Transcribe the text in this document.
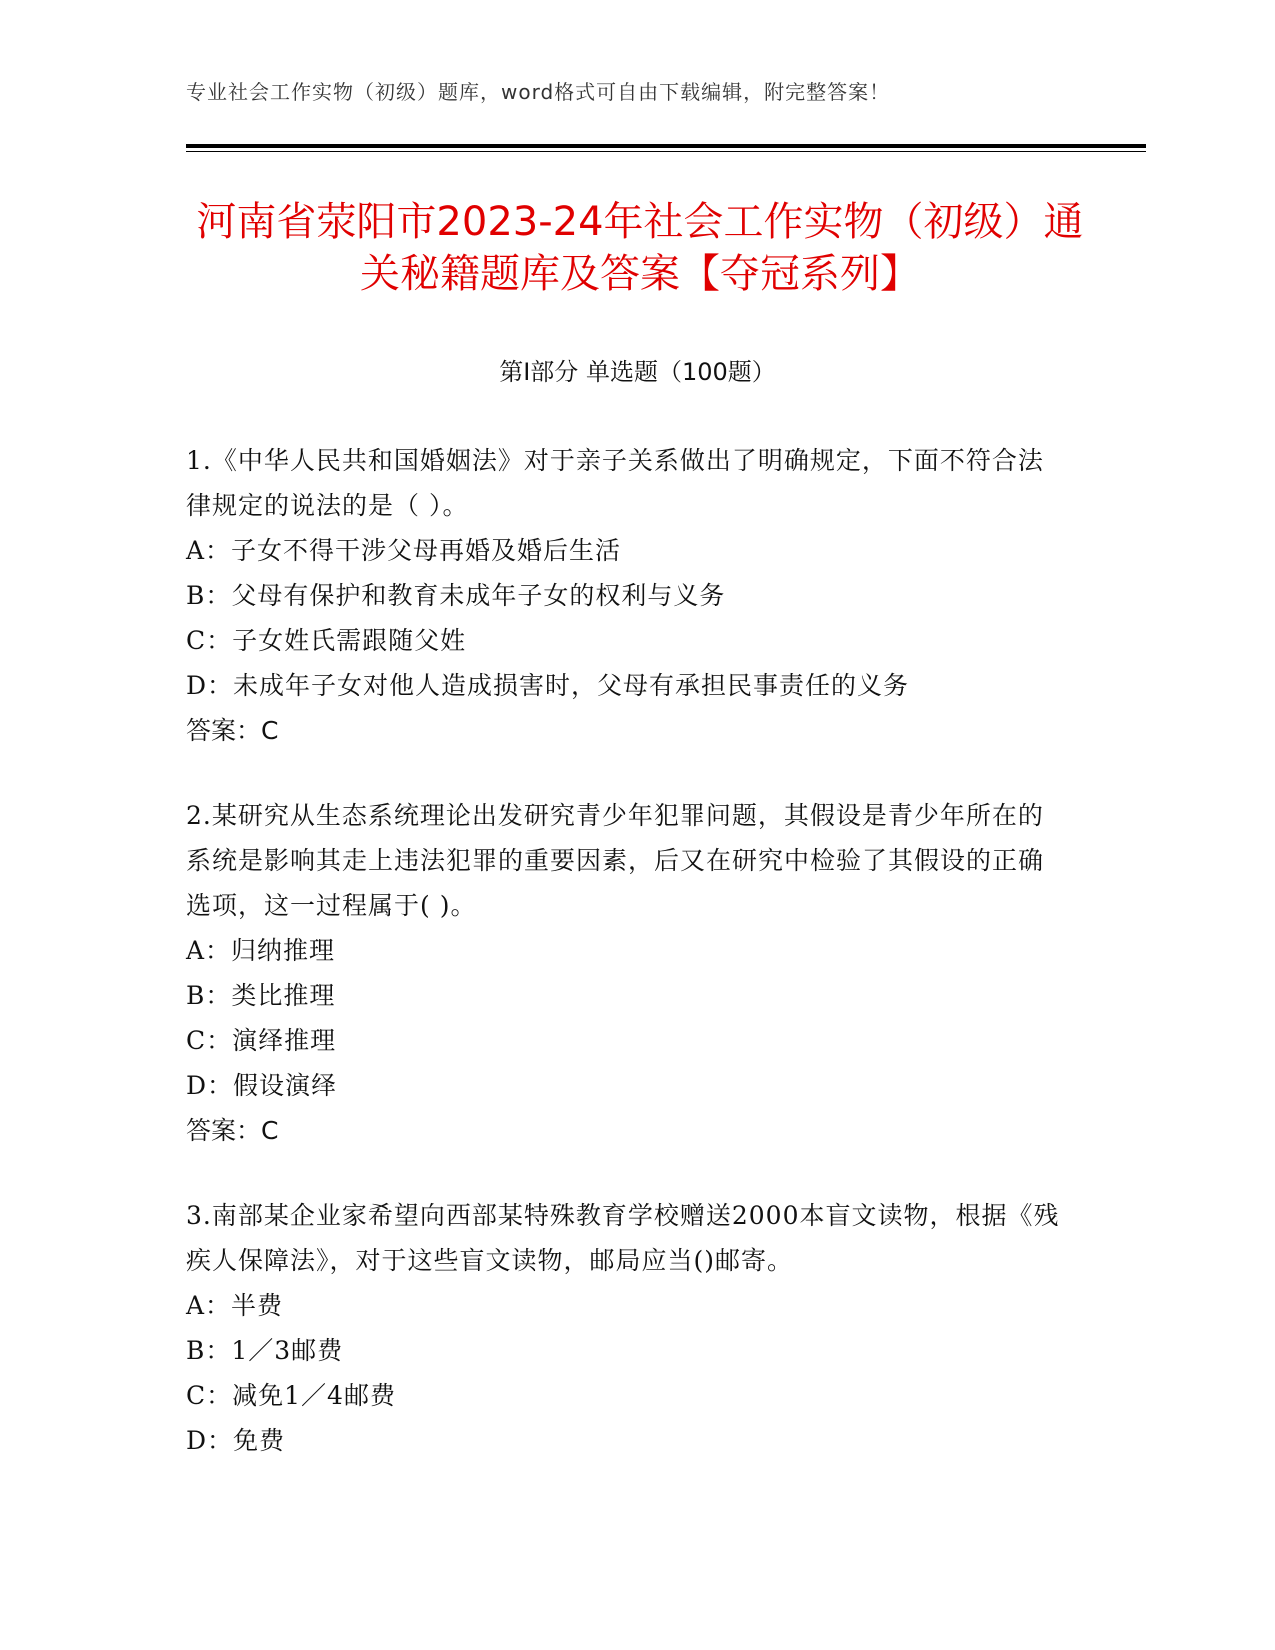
专业社会工作实物（初级）题库，word格式可自由下载编辑，附完整答案！
河南省荥阳市2023-24年社会工作实物（初级）通关秘籍题库及答案【夺冠系列】
第Ⅰ部分 单选题（100题）
1.《中华人民共和国婚姻法》对于亲子关系做出了明确规定，下面不符合法律规定的说法的是（ ）。
A：子女不得干涉父母再婚及婚后生活
B：父母有保护和教育未成年子女的权利与义务
C：子女姓氏需跟随父姓
D：未成年子女对他人造成损害时，父母有承担民事责任的义务
答案：C
2.某研究从生态系统理论出发研究青少年犯罪问题，其假设是青少年所在的系统是影响其走上违法犯罪的重要因素，后又在研究中检验了其假设的正确选项，这一过程属于( )。
A：归纳推理
B：类比推理
C：演绎推理
D：假设演绎
答案：C
3.南部某企业家希望向西部某特殊教育学校赠送2000本盲文读物，根据《残疾人保障法》，对于这些盲文读物，邮局应当()邮寄。
A：半费
B：1／3邮费
C：减免1／4邮费
D：免费
